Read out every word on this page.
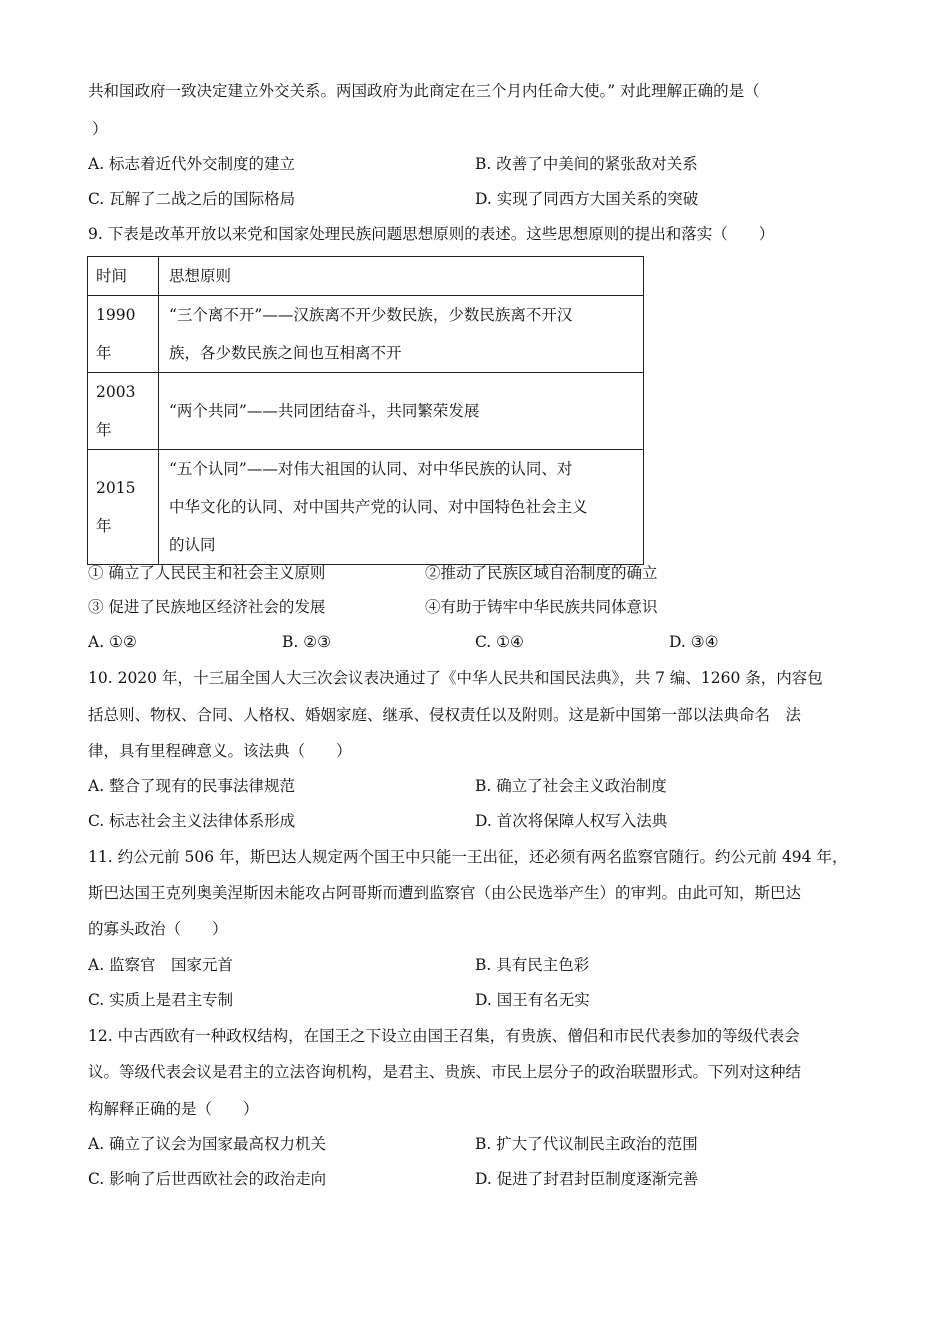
共和国政府一致决定建立外交关系。两国政府为此商定在三个月内任命大使。” 对此理解正确的是（
）
A. 标志着近代外交制度的建立	B. 改善了中美间的紧张敌对关系
C. 瓦解了二战之后的国际格局	D. 实现了同西方大国关系的突破
9. 下表是改革开放以来党和国家处理民族问题思想原则的表述。这些思想原则的提出和落实（　　）
时间	思想原则
1990 年	“三个离不开”——汉族离不开少数民族，少数民族离不开汉
族，各少数民族之间也互相离不开

2003 年	“两个共同”——共同团结奋斗，共同繁荣发展

2015 年	“五个认同”——对伟大祖国的认同、对中华民族的认同、对
中华文化的认同、对中国共产党的认同、对中国特色社会主义
的认同
① 确立了人民民主和社会主义原则	②推动了民族区域自治制度的确立
③ 促进了民族地区经济社会的发展	④有助于铸牢中华民族共同体意识
A. ①②	B. ②③	C. ①④	D. ③④
10. 2020 年，十三届全国人大三次会议表决通过了《中华人民共和国民法典》，共 7 编、1260 条，内容包
括总则、物权、合同、人格权、婚姻家庭、继承、侵权责任以及附则。这是新中国第一部以法典命名　法
律，具有里程碑意义。该法典（　　）
A. 整合了现有的民事法律规范	B. 确立了社会主义政治制度
C. 标志社会主义法律体系形成	D. 首次将保障人权写入法典
11. 约公元前 506 年，斯巴达人规定两个国王中只能一王出征，还必须有两名监察官随行。约公元前 494 年，
斯巴达国王克列奥美涅斯因未能攻占阿哥斯而遭到监察官（由公民选举产生）的审判。由此可知，斯巴达
的寡头政治（　　）
A. 监察官　国家元首	B. 具有民主色彩
C. 实质上是君主专制	D. 国王有名无实
12. 中古西欧有一种政权结构，在国王之下设立由国王召集，有贵族、僧侣和市民代表参加的等级代表会
议。等级代表会议是君主的立法咨询机构，是君主、贵族、市民上层分子的政治联盟形式。下列对这种结
构解释正确的是（　　）
A. 确立了议会为国家最高权力机关	B. 扩大了代议制民主政治的范围
C. 影响了后世西欧社会的政治走向	D. 促进了封君封臣制度逐渐完善
